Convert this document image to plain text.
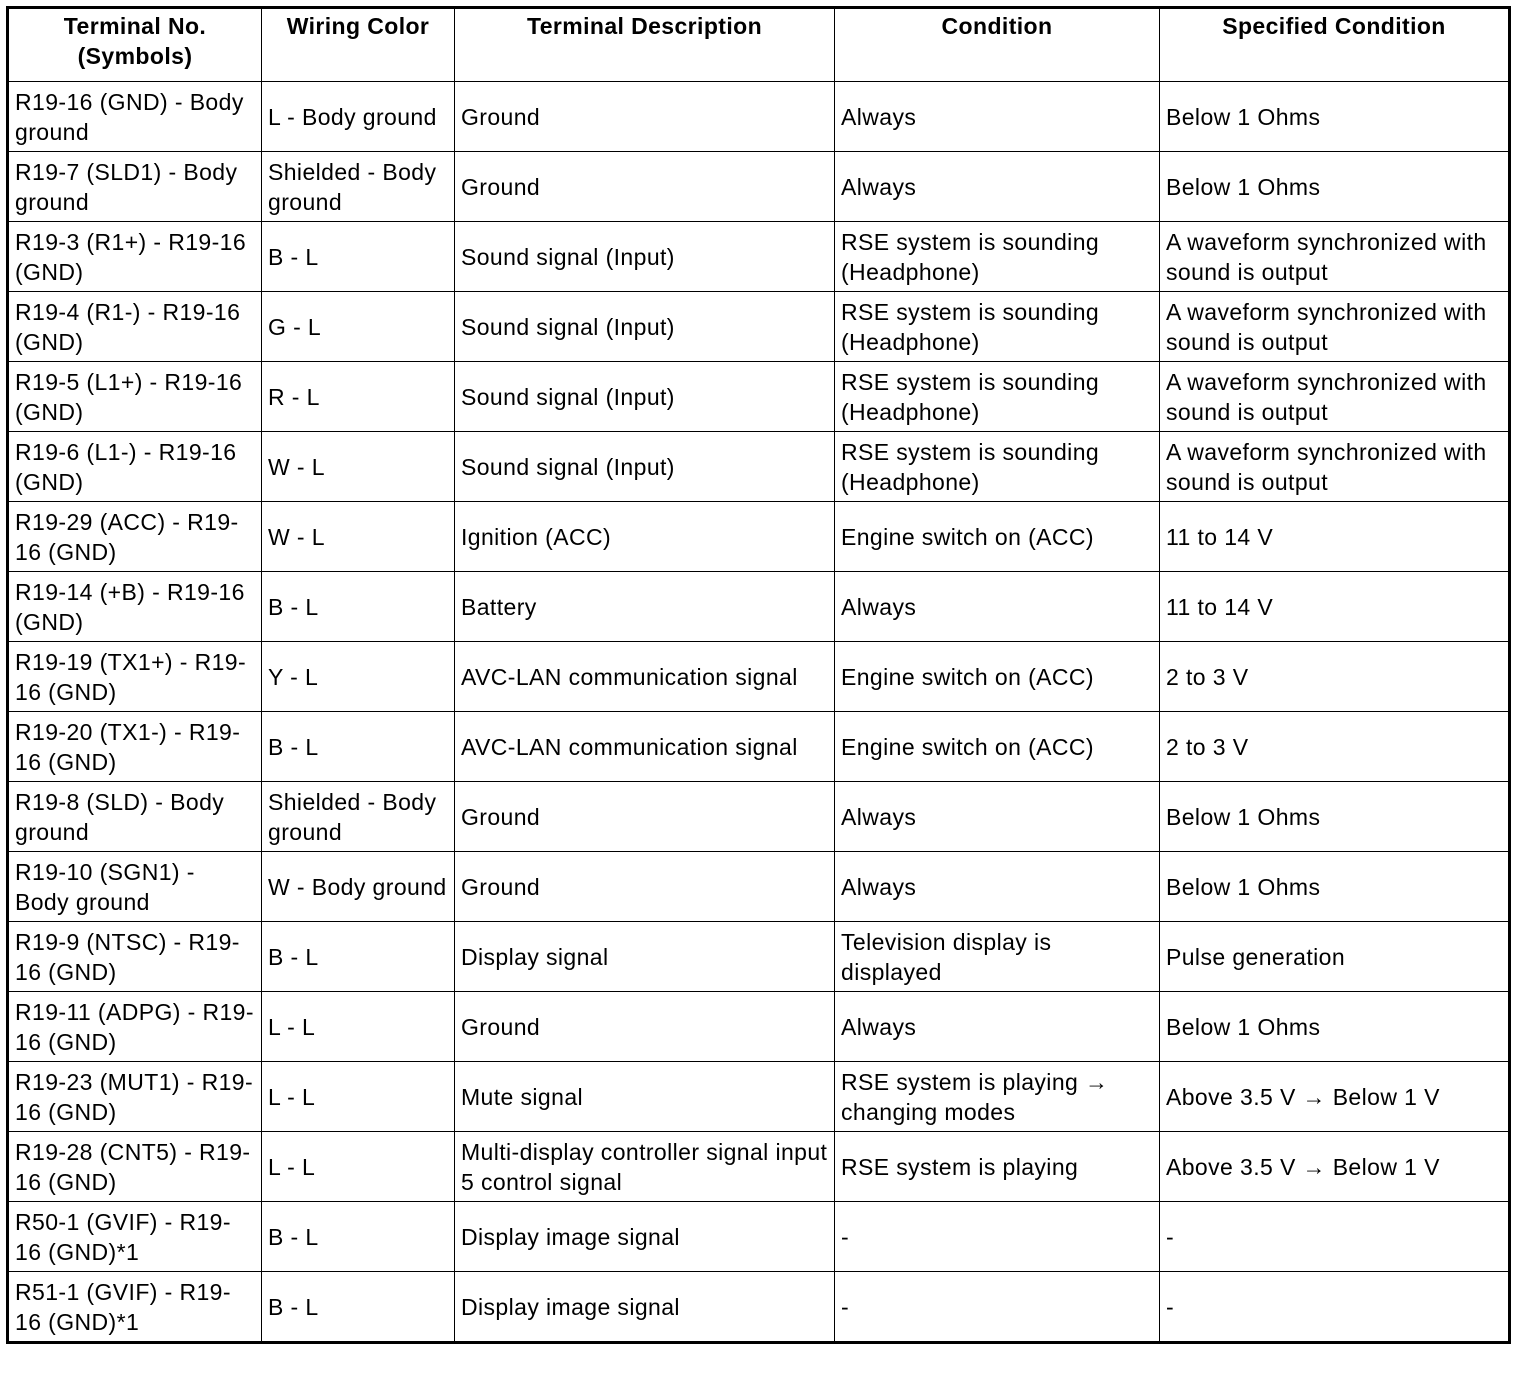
Terminal No. (Symbols)	Wiring Color	Terminal Description	Condition	Specified Condition
R19-16 (GND) - Body ground	L - Body ground	Ground	Always	Below 1 Ohms
R19-7 (SLD1) - Body ground	Shielded - Body ground	Ground	Always	Below 1 Ohms
R19-3 (R1+) - R19-16 (GND)	B - L	Sound signal (Input)	RSE system is sounding (Headphone)	A waveform synchronized with sound is output
R19-4 (R1-) - R19-16 (GND)	G - L	Sound signal (Input)	RSE system is sounding (Headphone)	A waveform synchronized with sound is output
R19-5 (L1+) - R19-16 (GND)	R - L	Sound signal (Input)	RSE system is sounding (Headphone)	A waveform synchronized with sound is output
R19-6 (L1-) - R19-16 (GND)	W - L	Sound signal (Input)	RSE system is sounding (Headphone)	A waveform synchronized with sound is output
R19-29 (ACC) - R19-16 (GND)	W - L	Ignition (ACC)	Engine switch on (ACC)	11 to 14 V
R19-14 (+B) - R19-16 (GND)	B - L	Battery	Always	11 to 14 V
R19-19 (TX1+) - R19-16 (GND)	Y - L	AVC-LAN communication signal	Engine switch on (ACC)	2 to 3 V
R19-20 (TX1-) - R19-16 (GND)	B - L	AVC-LAN communication signal	Engine switch on (ACC)	2 to 3 V
R19-8 (SLD) - Body ground	Shielded - Body ground	Ground	Always	Below 1 Ohms
R19-10 (SGN1) - Body ground	W - Body ground	Ground	Always	Below 1 Ohms
R19-9 (NTSC) - R19-16 (GND)	B - L	Display signal	Television display is displayed	Pulse generation
R19-11 (ADPG) - R19-16 (GND)	L - L	Ground	Always	Below 1 Ohms
R19-23 (MUT1) - R19-16 (GND)	L - L	Mute signal	RSE system is playing → changing modes	Above 3.5 V → Below 1 V
R19-28 (CNT5) - R19-16 (GND)	L - L	Multi-display controller signal input 5 control signal	RSE system is playing	Above 3.5 V → Below 1 V
R50-1 (GVIF) - R19-16 (GND)*1	B - L	Display image signal	-	-
R51-1 (GVIF) - R19-16 (GND)*1	B - L	Display image signal	-	-
